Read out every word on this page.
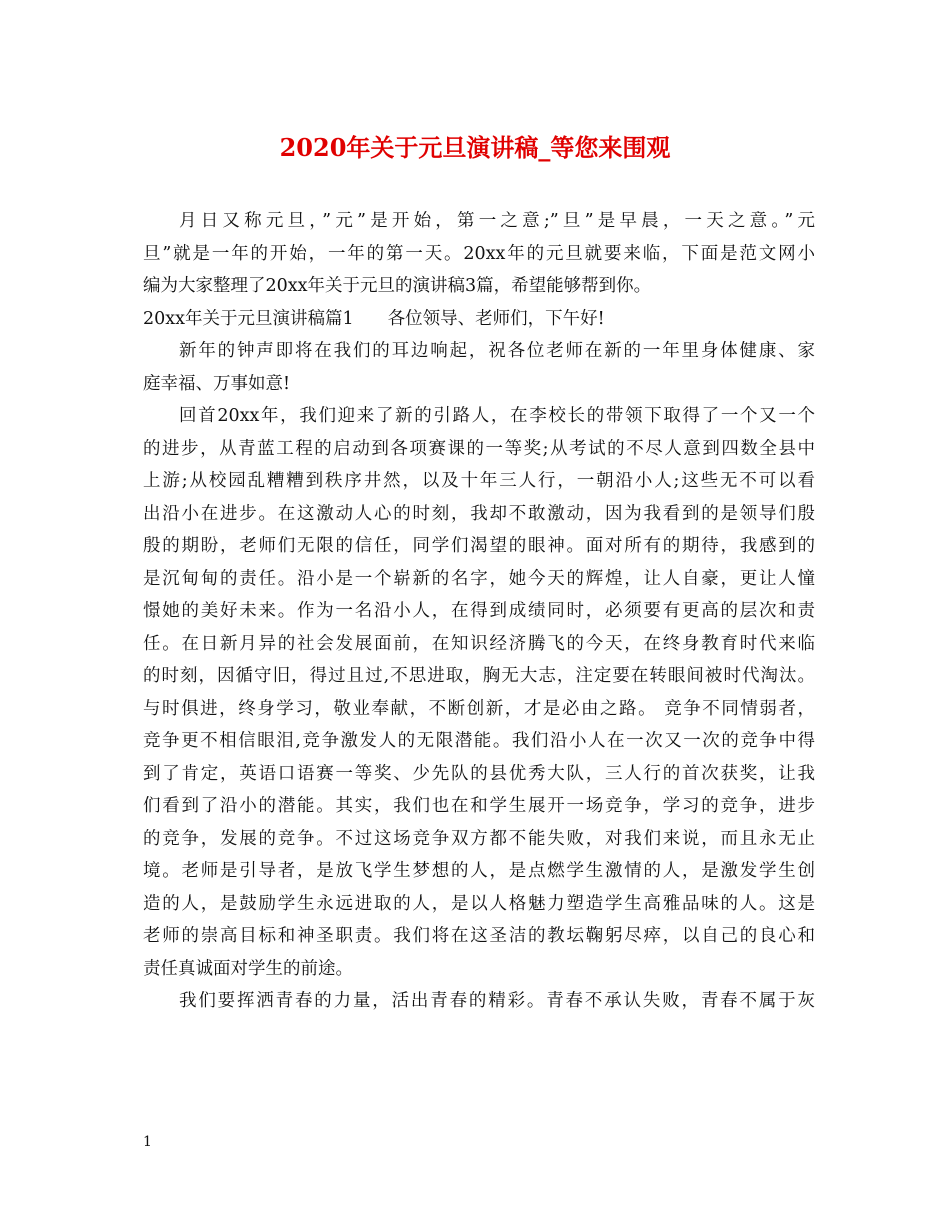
2020年关于元旦演讲稿_等您来围观
月日又称元旦，”元”是开始，第一之意;”旦”是早晨，一天之意。”元
旦”就是一年的开始，一年的第一天。20xx年的元旦就要来临，下面是范文网小
编为大家整理了20xx年关于元旦的演讲稿3篇，希望能够帮到你。
20xx年关于元旦演讲稿篇1 各位领导、老师们，下午好!
新年的钟声即将在我们的耳边响起，祝各位老师在新的一年里身体健康、家
庭幸福、万事如意!
回首20xx年，我们迎来了新的引路人，在李校长的带领下取得了一个又一个
的进步，从青蓝工程的启动到各项赛课的一等奖;从考试的不尽人意到四数全县中
上游;从校园乱糟糟到秩序井然，以及十年三人行，一朝沿小人;这些无不可以看
出沿小在进步。在这激动人心的时刻，我却不敢激动，因为我看到的是领导们殷
殷的期盼，老师们无限的信任，同学们渴望的眼神。面对所有的期待，我感到的
是沉甸甸的责任。沿小是一个崭新的名字，她今天的辉煌，让人自豪，更让人憧
憬她的美好未来。作为一名沿小人，在得到成绩同时，必须要有更高的层次和责
任。在日新月异的社会发展面前，在知识经济腾飞的今天，在终身教育时代来临
的时刻，因循守旧，得过且过,不思进取，胸无大志，注定要在转眼间被时代淘汰。
与时俱进，终身学习，敬业奉献，不断创新，才是必由之路。 竞争不同情弱者，
竞争更不相信眼泪,竞争激发人的无限潜能。我们沿小人在一次又一次的竞争中得
到了肯定，英语口语赛一等奖、少先队的县优秀大队，三人行的首次获奖，让我
们看到了沿小的潜能。其实，我们也在和学生展开一场竞争，学习的竞争，进步
的竞争，发展的竞争。不过这场竞争双方都不能失败，对我们来说，而且永无止
境。老师是引导者，是放飞学生梦想的人，是点燃学生激情的人，是激发学生创
造的人，是鼓励学生永远进取的人，是以人格魅力塑造学生高雅品味的人。这是
老师的崇高目标和神圣职责。我们将在这圣洁的教坛鞠躬尽瘁，以自己的良心和
责任真诚面对学生的前途。
我们要挥洒青春的力量，活出青春的精彩。青春不承认失败，青春不属于灰
1
